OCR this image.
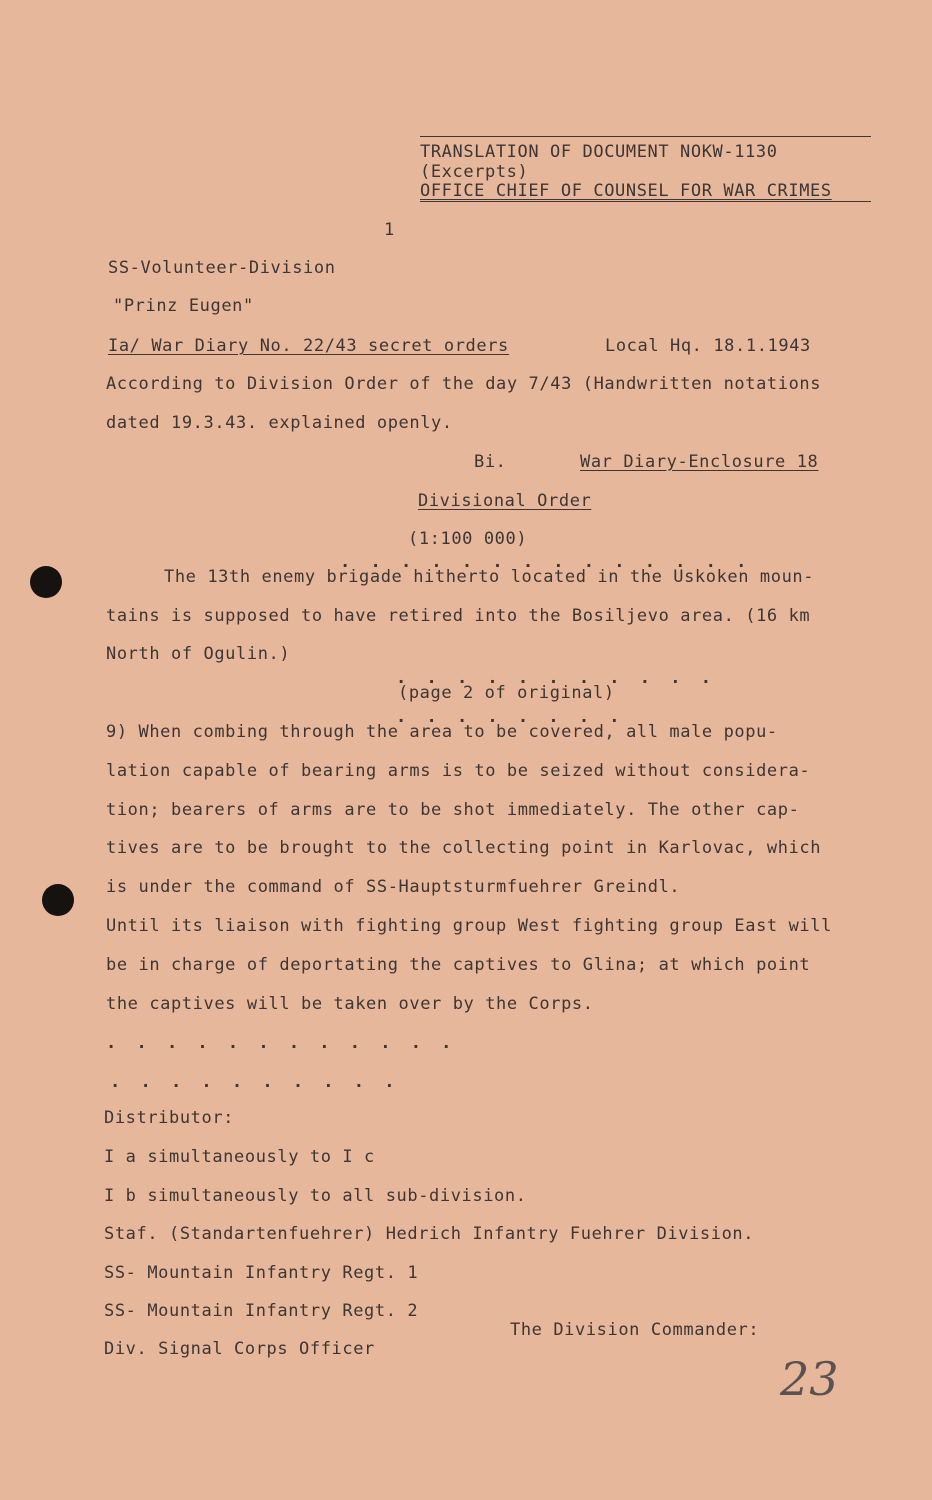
TRANSLATION OF DOCUMENT NOKW-1130
(Excerpts)
OFFICE CHIEF OF COUNSEL FOR WAR CRIMES
1
SS-Volunteer-Division
"Prinz Eugen"
Ia/ War Diary No. 22/43 secret orders	Local Hq. 18.1.1943
According to Division Order of the day 7/43 (Handwritten notations
dated 19.3.43. explained openly.
Bi.	War Diary-Enclosure 18
Divisional Order
(1:100 000)
. . . . . . . . . . . . . .
The 13th enemy brigade hitherto located in the Uskoken moun-
tains is supposed to have retired into the Bosiljevo area. (16 km
North of Ogulin.)
. . . . . . . . . . .
(page 2 of original)
. . . . . . . .
9) When combing through the area to be covered, all male popu-
lation capable of bearing arms is to be seized without considera-
tion; bearers of arms are to be shot immediately. The other cap-
tives are to be brought to the collecting point in Karlovac, which
is under the command of SS-Hauptsturmfuehrer Greindl.
Until its liaison with fighting group West fighting group East will
be in charge of deportating the captives to Glina; at which point
the captives will be taken over by the Corps.
. . . . . . . . . . . .
. . . . . . . . . .
Distributor:
I a simultaneously to I c
I b simultaneously to all sub-division.
Staf. (Standartenfuehrer) Hedrich Infantry Fuehrer Division.
SS- Mountain Infantry Regt. 1
SS- Mountain Infantry Regt. 2
The Division Commander:
Div. Signal Corps Officer
23
